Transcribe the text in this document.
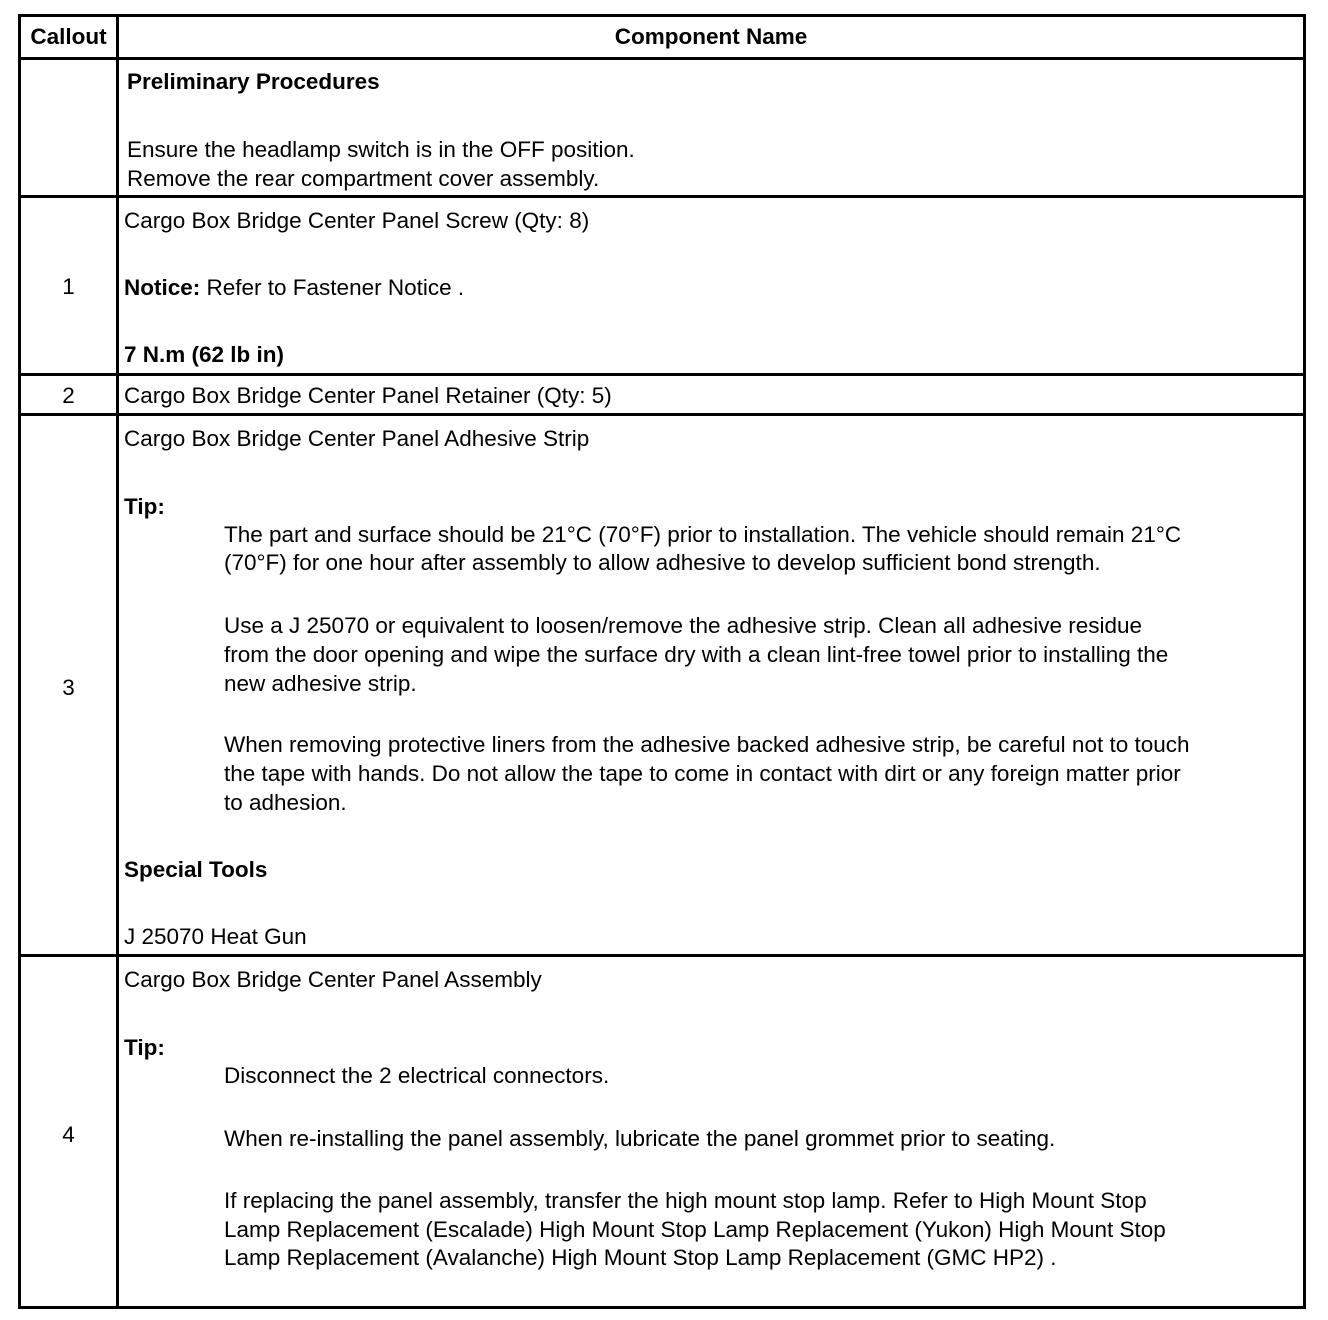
Callout	Component Name
Preliminary Procedures
Ensure the headlamp switch is in the OFF position.
Remove the rear compartment cover assembly.
1
Cargo Box Bridge Center Panel Screw (Qty: 8)
Notice: Refer to Fastener Notice .
7 N.m (62 lb in)
2	Cargo Box Bridge Center Panel Retainer (Qty: 5)
3
Cargo Box Bridge Center Panel Adhesive Strip
Tip:
The part and surface should be 21°C (70°F) prior to installation. The vehicle should remain 21°C
(70°F) for one hour after assembly to allow adhesive to develop sufficient bond strength.
Use a J 25070 or equivalent to loosen/remove the adhesive strip. Clean all adhesive residue
from the door opening and wipe the surface dry with a clean lint-free towel prior to installing the
new adhesive strip.
When removing protective liners from the adhesive backed adhesive strip, be careful not to touch
the tape with hands. Do not allow the tape to come in contact with dirt or any foreign matter prior
to adhesion.
Special Tools
J 25070 Heat Gun
4
Cargo Box Bridge Center Panel Assembly
Tip:
Disconnect the 2 electrical connectors.
When re-installing the panel assembly, lubricate the panel grommet prior to seating.
If replacing the panel assembly, transfer the high mount stop lamp. Refer to High Mount Stop
Lamp Replacement (Escalade) High Mount Stop Lamp Replacement (Yukon) High Mount Stop
Lamp Replacement (Avalanche) High Mount Stop Lamp Replacement (GMC HP2) .
